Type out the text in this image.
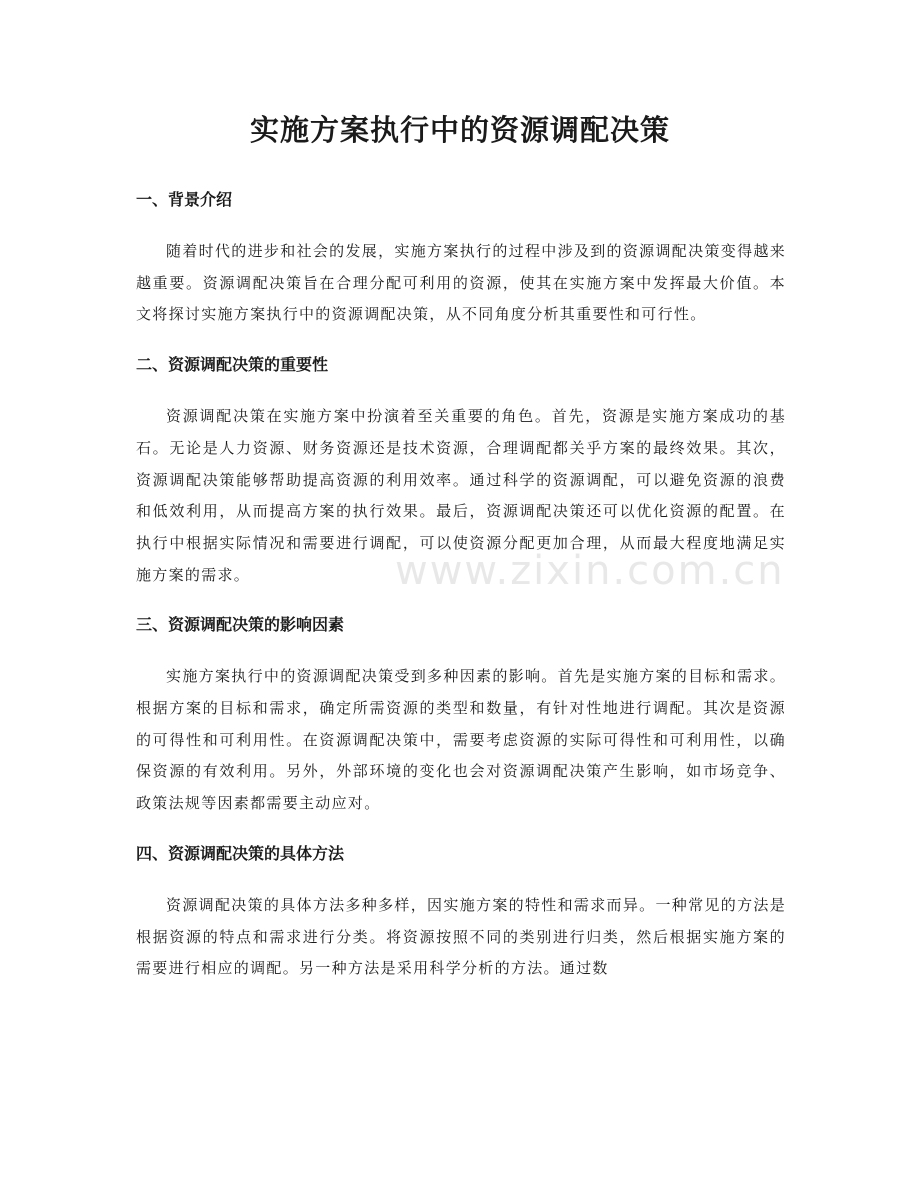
实施方案执行中的资源调配决策
一、背景介绍

随着时代的进步和社会的发展，实施方案执行的过程中涉及到的资源调配决策变得越来越重要。资源调配决策旨在合理分配可利用的资源，使其在实施方案中发挥最大价值。本文将探讨实施方案执行中的资源调配决策，从不同角度分析其重要性和可行性。

二、资源调配决策的重要性

资源调配决策在实施方案中扮演着至关重要的角色。首先，资源是实施方案成功的基石。无论是人力资源、财务资源还是技术资源，合理调配都关乎方案的最终效果。其次，资源调配决策能够帮助提高资源的利用效率。通过科学的资源调配，可以避免资源的浪费和低效利用，从而提高方案的执行效果。最后，资源调配决策还可以优化资源的配置。在执行中根据实际情况和需要进行调配，可以使资源分配更加合理，从而最大程度地满足实施方案的需求。

三、资源调配决策的影响因素

实施方案执行中的资源调配决策受到多种因素的影响。首先是实施方案的目标和需求。根据方案的目标和需求，确定所需资源的类型和数量，有针对性地进行调配。其次是资源的可得性和可利用性。在资源调配决策中，需要考虑资源的实际可得性和可利用性，以确保资源的有效利用。另外，外部环境的变化也会对资源调配决策产生影响，如市场竞争、政策法规等因素都需要主动应对。

四、资源调配决策的具体方法

资源调配决策的具体方法多种多样，因实施方案的特性和需求而异。一种常见的方法是根据资源的特点和需求进行分类。将资源按照不同的类别进行归类，然后根据实施方案的需要进行相应的调配。另一种方法是采用科学分析的方法。通过数

www.zixin.com.cn
